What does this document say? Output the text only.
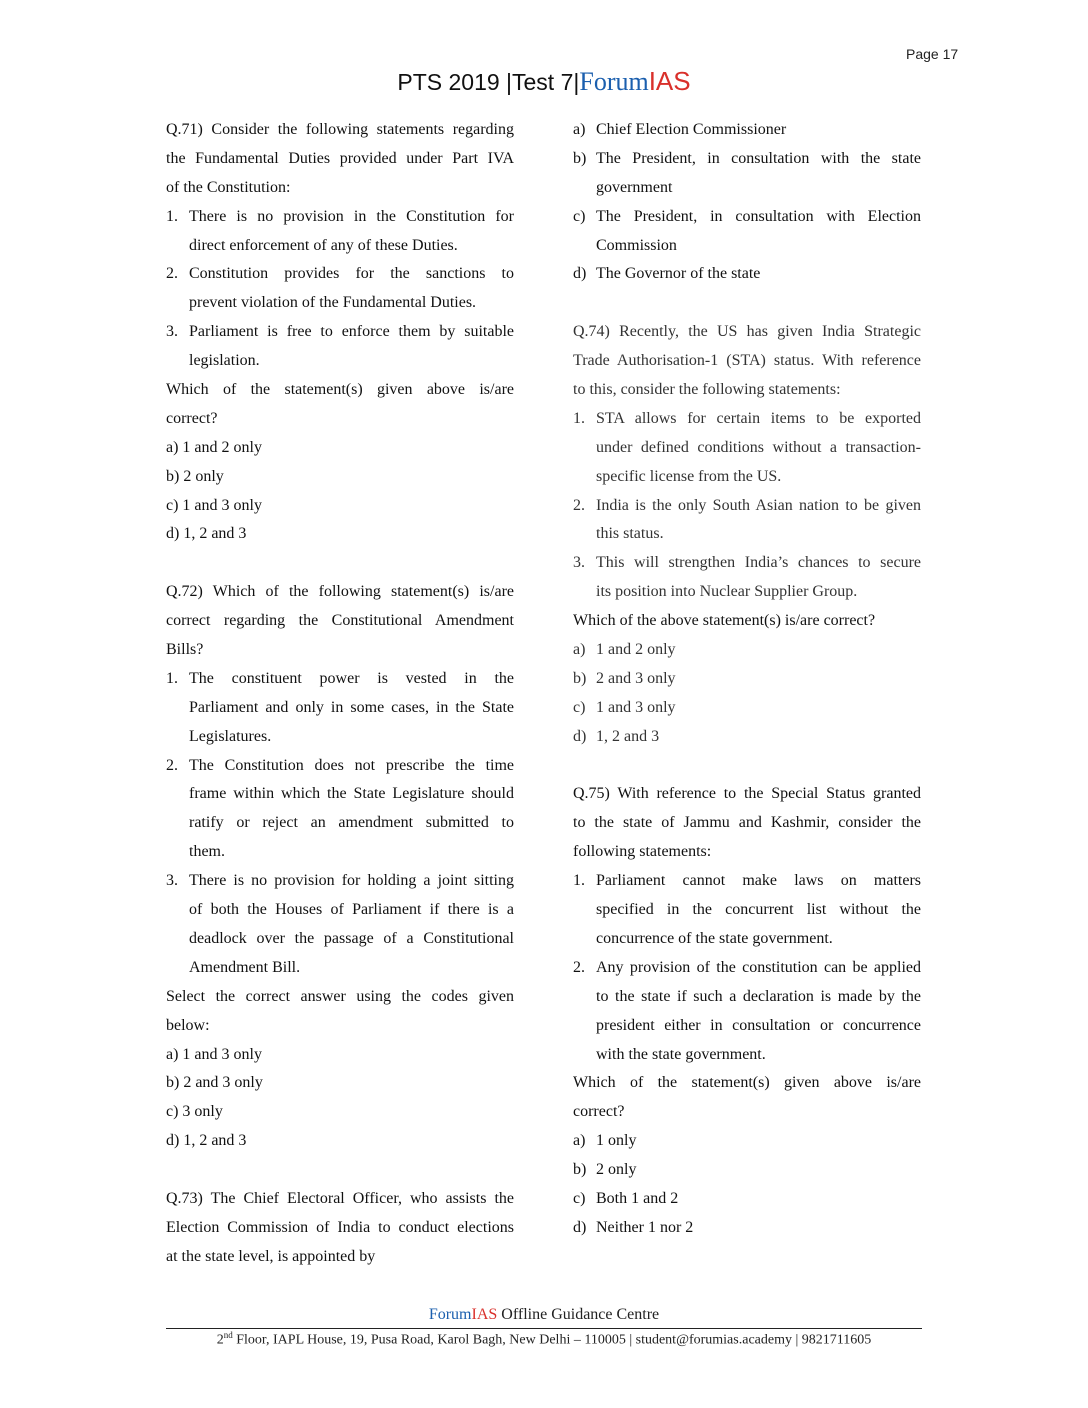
Page 17
PTS 2019 |Test 7|ForumIAS
Q.71) Consider the following statements regarding
the Fundamental Duties provided under Part IVA
of the Constitution:
1. There is no provision in the Constitution for
direct enforcement of any of these Duties.
2. Constitution provides for the sanctions to
prevent violation of the Fundamental Duties.
3. Parliament is free to enforce them by suitable
legislation.
Which of the statement(s) given above is/are
correct?
a) 1 and 2 only
b) 2 only
c) 1 and 3 only
d) 1, 2 and 3
Q.72) Which of the following statement(s) is/are
correct regarding the Constitutional Amendment
Bills?
1. The constituent power is vested in the
Parliament and only in some cases, in the State
Legislatures.
2. The Constitution does not prescribe the time
frame within which the State Legislature should
ratify or reject an amendment submitted to
them.
3. There is no provision for holding a joint sitting
of both the Houses of Parliament if there is a
deadlock over the passage of a Constitutional
Amendment Bill.
Select the correct answer using the codes given
below:
a) 1 and 3 only
b) 2 and 3 only
c) 3 only
d) 1, 2 and 3
Q.73) The Chief Electoral Officer, who assists the
Election Commission of India to conduct elections
at the state level, is appointed by
a) Chief Election Commissioner
b) The President, in consultation with the state
government
c) The President, in consultation with Election
Commission
d) The Governor of the state
Q.74) Recently, the US has given India Strategic
Trade Authorisation-1 (STA) status. With reference
to this, consider the following statements:
1. STA allows for certain items to be exported
under defined conditions without a transaction-
specific license from the US.
2. India is the only South Asian nation to be given
this status.
3. This will strengthen India’s chances to secure
its position into Nuclear Supplier Group.
Which of the above statement(s) is/are correct?
a) 1 and 2 only
b) 2 and 3 only
c) 1 and 3 only
d) 1, 2 and 3
Q.75) With reference to the Special Status granted
to the state of Jammu and Kashmir, consider the
following statements:
1. Parliament cannot make laws on matters
specified in the concurrent list without the
concurrence of the state government.
2. Any provision of the constitution can be applied
to the state if such a declaration is made by the
president either in consultation or concurrence
with the state government.
Which of the statement(s) given above is/are
correct?
a) 1 only
b) 2 only
c) Both 1 and 2
d) Neither 1 nor 2
ForumIAS Offline Guidance Centre
2nd Floor, IAPL House, 19, Pusa Road, Karol Bagh, New Delhi – 110005 | student@forumias.academy | 9821711605
